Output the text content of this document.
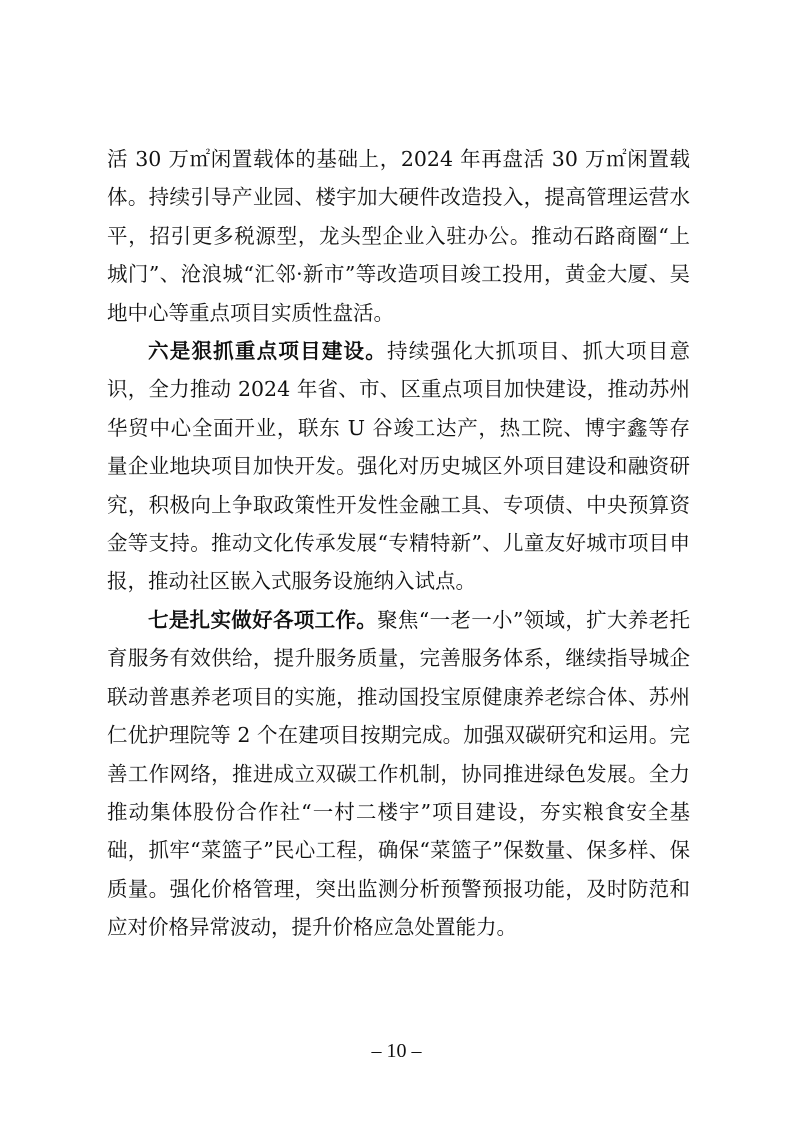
活 30 万㎡闲置载体的基础上，2024 年再盘活 30 万㎡闲置载体。持续引导产业园、楼宇加大硬件改造投入，提高管理运营水平，招引更多税源型，龙头型企业入驻办公。推动石路商圈“上城门”、沧浪城“汇邻·新市”等改造项目竣工投用，黄金大厦、吴地中心等重点项目实质性盘活。

六是狠抓重点项目建设。持续强化大抓项目、抓大项目意识，全力推动 2024 年省、市、区重点项目加快建设，推动苏州华贸中心全面开业，联东 U 谷竣工达产，热工院、博宇鑫等存量企业地块项目加快开发。强化对历史城区外项目建设和融资研究，积极向上争取政策性开发性金融工具、专项债、中央预算资金等支持。推动文化传承发展“专精特新”、儿童友好城市项目申报，推动社区嵌入式服务设施纳入试点。

七是扎实做好各项工作。聚焦“一老一小”领域，扩大养老托育服务有效供给，提升服务质量，完善服务体系，继续指导城企联动普惠养老项目的实施，推动国投宝原健康养老综合体、苏州仁优护理院等 2 个在建项目按期完成。加强双碳研究和运用。完善工作网络，推进成立双碳工作机制，协同推进绿色发展。全力推动集体股份合作社“一村二楼宇”项目建设，夯实粮食安全基础，抓牢“菜篮子”民心工程，确保“菜篮子”保数量、保多样、保质量。强化价格管理，突出监测分析预警预报功能，及时防范和应对价格异常波动，提升价格应急处置能力。

– 10 –
